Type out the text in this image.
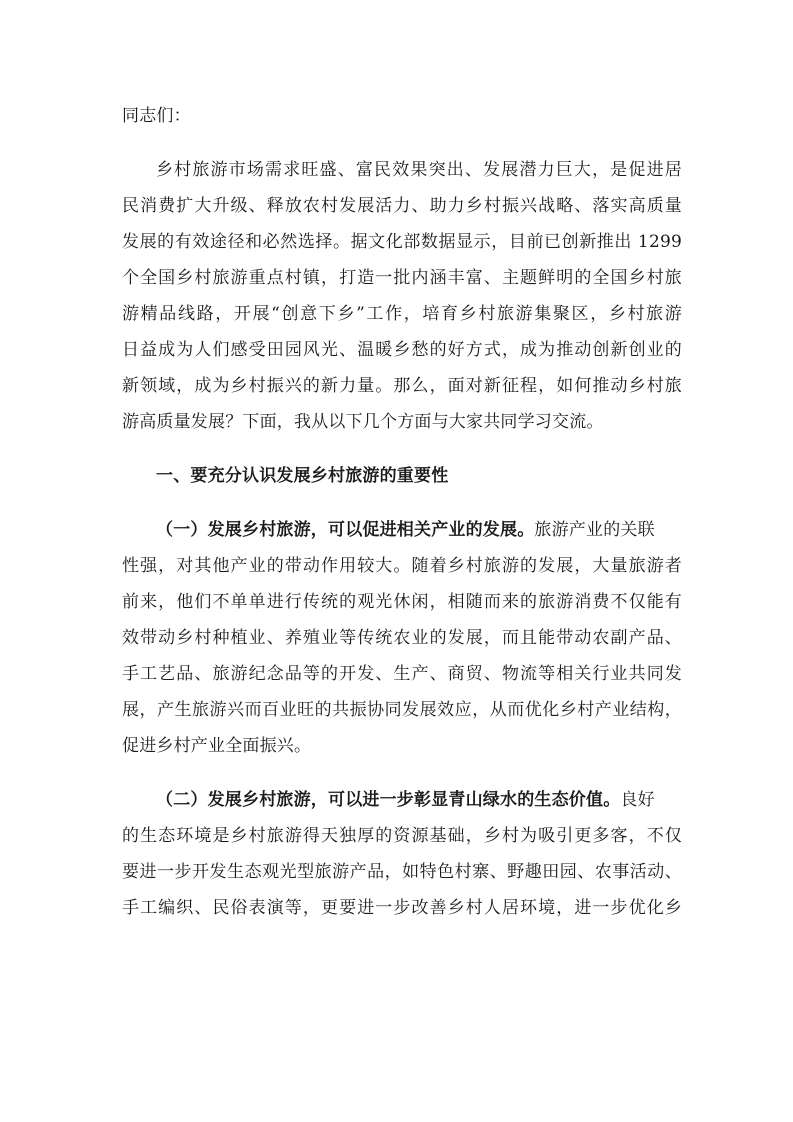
同志们：
乡村旅游市场需求旺盛、富民效果突出、发展潜力巨大，是促进居
民消费扩大升级、释放农村发展活力、助力乡村振兴战略、落实高质量
发展的有效途径和必然选择。据文化部数据显示，目前已创新推出 1299
个全国乡村旅游重点村镇，打造一批内涵丰富、主题鲜明的全国乡村旅
游精品线路，开展“创意下乡”工作，培育乡村旅游集聚区，乡村旅游
日益成为人们感受田园风光、温暖乡愁的好方式，成为推动创新创业的
新领域，成为乡村振兴的新力量。那么，面对新征程，如何推动乡村旅
游高质量发展？下面，我从以下几个方面与大家共同学习交流。
一、要充分认识发展乡村旅游的重要性
（一）发展乡村旅游，可以促进相关产业的发展。旅游产业的关联
性强，对其他产业的带动作用较大。随着乡村旅游的发展，大量旅游者
前来，他们不单单进行传统的观光休闲，相随而来的旅游消费不仅能有
效带动乡村种植业、养殖业等传统农业的发展，而且能带动农副产品、
手工艺品、旅游纪念品等的开发、生产、商贸、物流等相关行业共同发
展，产生旅游兴而百业旺的共振协同发展效应，从而优化乡村产业结构，
促进乡村产业全面振兴。
（二）发展乡村旅游，可以进一步彰显青山绿水的生态价值。良好
的生态环境是乡村旅游得天独厚的资源基础，乡村为吸引更多客，不仅
要进一步开发生态观光型旅游产品，如特色村寨、野趣田园、农事活动、
手工编织、民俗表演等，更要进一步改善乡村人居环境，进一步优化乡
